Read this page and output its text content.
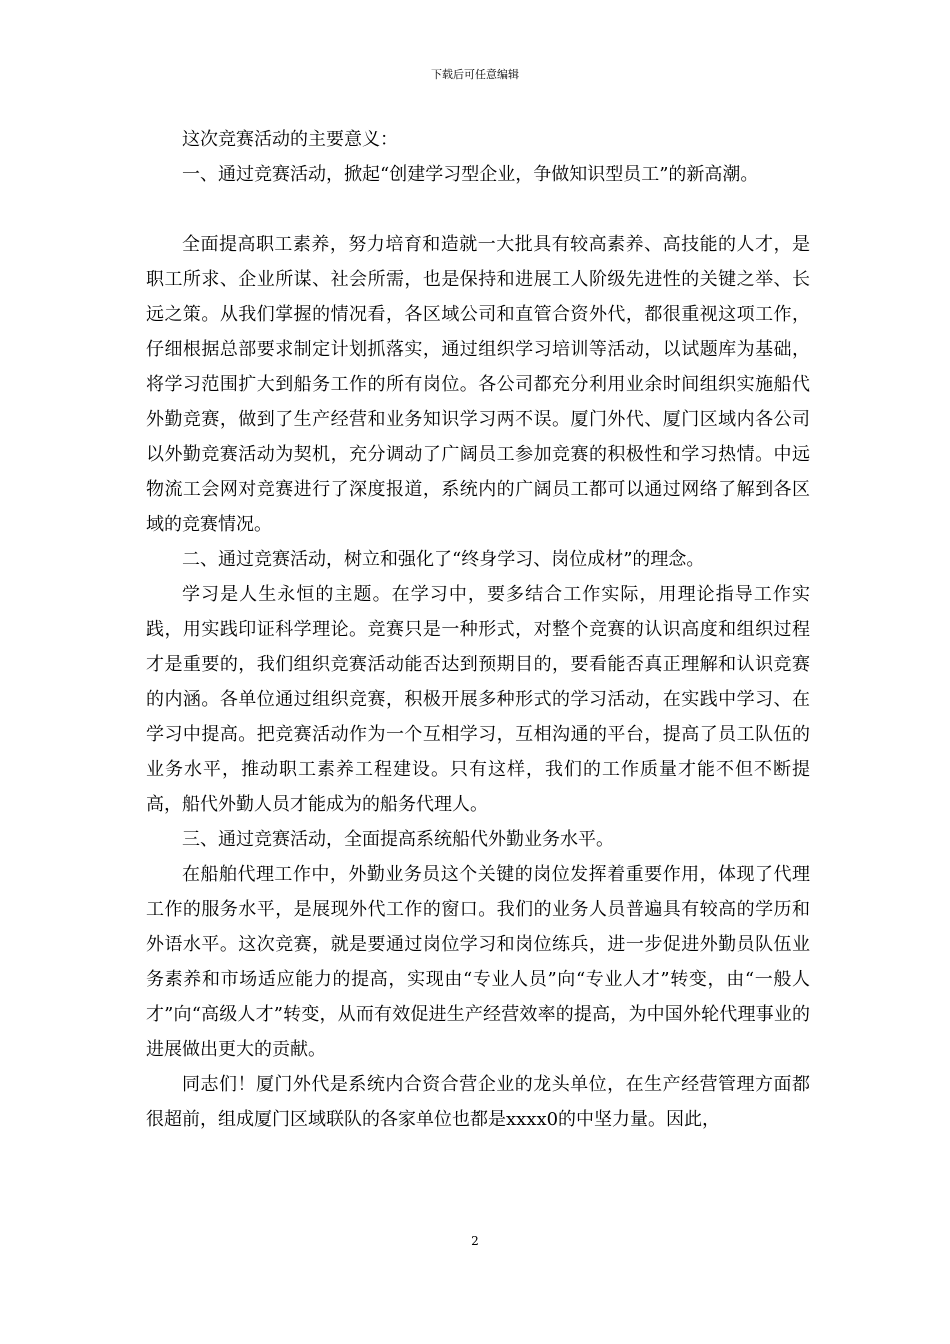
下载后可任意编辑

这次竞赛活动的主要意义：

一、通过竞赛活动，掀起“创建学习型企业，争做知识型员工”的新高潮。

全面提高职工素养，努力培育和造就一大批具有较高素养、高技能的人才，是职工所求、企业所谋、社会所需，也是保持和进展工人阶级先进性的关键之举、长远之策。从我们掌握的情况看，各区域公司和直管合资外代，都很重视这项工作，仔细根据总部要求制定计划抓落实，通过组织学习培训等活动，以试题库为基础，将学习范围扩大到船务工作的所有岗位。各公司都充分利用业余时间组织实施船代外勤竞赛，做到了生产经营和业务知识学习两不误。厦门外代、厦门区域内各公司以外勤竞赛活动为契机，充分调动了广阔员工参加竞赛的积极性和学习热情。中远物流工会网对竞赛进行了深度报道，系统内的广阔员工都可以通过网络了解到各区域的竞赛情况。

二、通过竞赛活动，树立和强化了“终身学习、岗位成材”的理念。

学习是人生永恒的主题。在学习中，要多结合工作实际，用理论指导工作实践，用实践印证科学理论。竞赛只是一种形式，对整个竞赛的认识高度和组织过程才是重要的，我们组织竞赛活动能否达到预期目的，要看能否真正理解和认识竞赛的内涵。各单位通过组织竞赛，积极开展多种形式的学习活动，在实践中学习、在学习中提高。把竞赛活动作为一个互相学习，互相沟通的平台，提高了员工队伍的业务水平，推动职工素养工程建设。只有这样，我们的工作质量才能不但不断提高，船代外勤人员才能成为的船务代理人。

三、通过竞赛活动，全面提高系统船代外勤业务水平。

在船舶代理工作中，外勤业务员这个关键的岗位发挥着重要作用，体现了代理工作的服务水平，是展现外代工作的窗口。我们的业务人员普遍具有较高的学历和外语水平。这次竞赛，就是要通过岗位学习和岗位练兵，进一步促进外勤员队伍业务素养和市场适应能力的提高，实现由“专业人员”向“专业人才”转变，由“一般人才”向“高级人才”转变，从而有效促进生产经营效率的提高，为中国外轮代理事业的进展做出更大的贡献。

同志们！厦门外代是系统内合资合营企业的龙头单位，在生产经营管理方面都很超前，组成厦门区域联队的各家单位也都是xxxx0的中坚力量。因此，

2
